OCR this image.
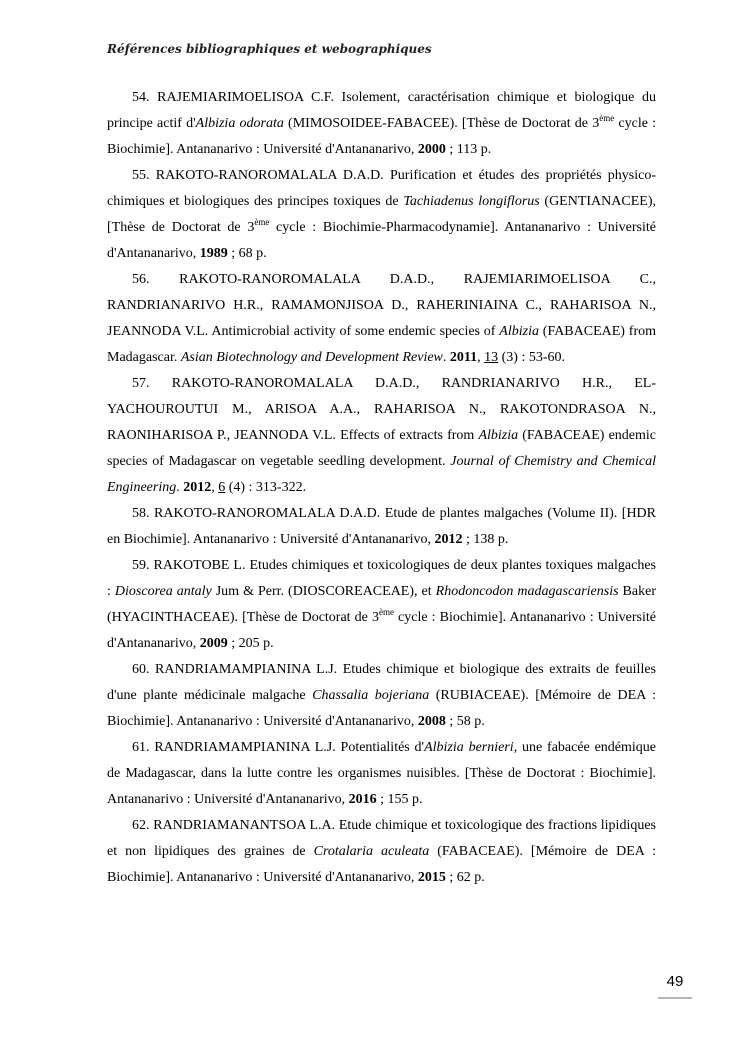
Références bibliographiques et webographiques

54. RAJEMIARIMOELISOA C.F. Isolement, caractérisation chimique et biologique du principe actif d'Albizia odorata (MIMOSOIDEE-FABACEE). [Thèse de Doctorat de 3ème cycle : Biochimie]. Antananarivo : Université d'Antananarivo, 2000 ; 113 p.

55. RAKOTO-RANOROMALALA D.A.D. Purification et études des propriétés physico-chimiques et biologiques des principes toxiques de Tachiadenus longiflorus (GENTIANACEE), [Thèse de Doctorat de 3ème cycle : Biochimie-Pharmacodynamie]. Antananarivo : Université d'Antananarivo, 1989 ; 68 p.

56. RAKOTO-RANOROMALALA D.A.D., RAJEMIARIMOELISOA C., RANDRIANARIVO H.R., RAMAMONJISOA D., RAHERINIAINA C., RAHARISOA N., JEANNODA V.L. Antimicrobial activity of some endemic species of Albizia (FABACEAE) from Madagascar. Asian Biotechnology and Development Review. 2011, 13 (3) : 53-60.

57. RAKOTO-RANOROMALALA D.A.D., RANDRIANARIVO H.R., EL-YACHOUROUTUI M., ARISOA A.A., RAHARISOA N., RAKOTONDRASOA N., RAONIHARISOA P., JEANNODA V.L. Effects of extracts from Albizia (FABACEAE) endemic species of Madagascar on vegetable seedling development. Journal of Chemistry and Chemical Engineering. 2012, 6 (4) : 313-322.

58. RAKOTO-RANOROMALALA D.A.D. Etude de plantes malgaches (Volume II). [HDR en Biochimie]. Antananarivo : Université d'Antananarivo, 2012 ; 138 p.

59. RAKOTOBE L. Etudes chimiques et toxicologiques de deux plantes toxiques malgaches : Dioscorea antaly Jum & Perr. (DIOSCOREACEAE), et Rhodoncodon madagascariensis Baker (HYACINTHACEAE). [Thèse de Doctorat de 3ème cycle : Biochimie]. Antananarivo : Université d'Antananarivo, 2009 ; 205 p.

60. RANDRIAMAMPIANINA L.J. Etudes chimique et biologique des extraits de feuilles d'une plante médicinale malgache Chassalia bojeriana (RUBIACEAE). [Mémoire de DEA : Biochimie]. Antananarivo : Université d'Antananarivo, 2008 ; 58 p.

61. RANDRIAMAMPIANINA L.J. Potentialités d'Albizia bernieri, une fabacée endémique de Madagascar, dans la lutte contre les organismes nuisibles. [Thèse de Doctorat : Biochimie]. Antananarivo : Université d'Antananarivo, 2016 ; 155 p.

62. RANDRIAMANANTSOA L.A. Etude chimique et toxicologique des fractions lipidiques et non lipidiques des graines de Crotalaria aculeata (FABACEAE). [Mémoire de DEA : Biochimie]. Antananarivo : Université d'Antananarivo, 2015 ; 62 p.

49
